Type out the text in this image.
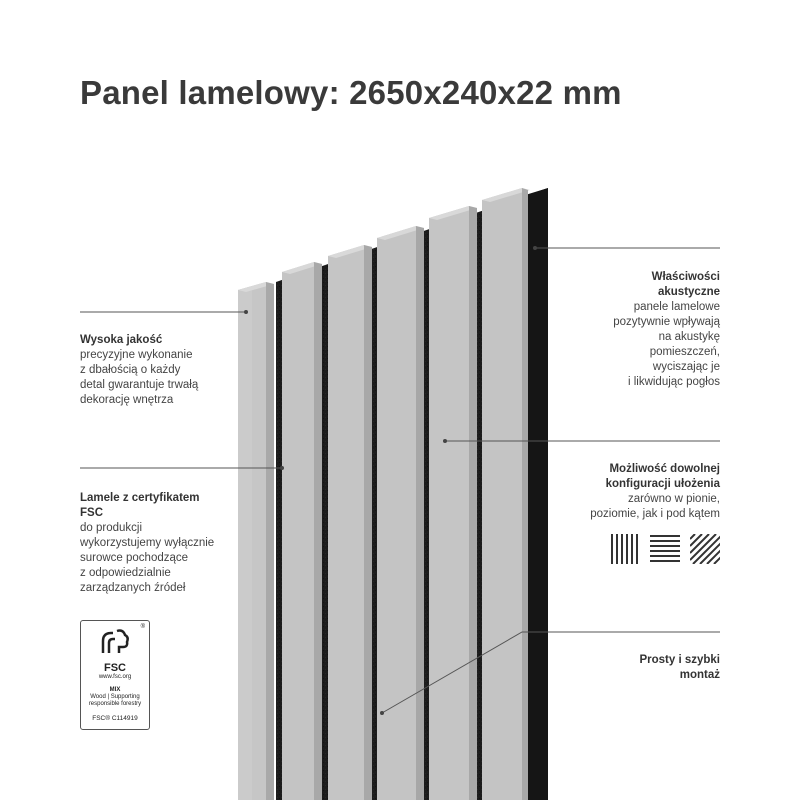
Panel lamelowy: 2650x240x22 mm
Wysoka jakość
precyzyjne wykonanie
z dbałością o każdy
detal gwarantuje trwałą
dekorację wnętrza
Lamele z certyfikatem
FSC
do produkcji
wykorzystujemy wyłącznie
surowce pochodzące
z odpowiedzialnie
zarządzanych źródeł
®
FSC
www.fsc.org
MIX
Wood | Supporting
responsible forestry
FSC® C114919
Właściwości
akustyczne
panele lamelowe
pozytywnie wpływają
na akustykę
pomieszczeń,
wyciszając je
i likwidując pogłos
Możliwość dowolnej
konfiguracji ułożenia
zarówno w pionie,
poziomie, jak i pod kątem
Prosty i szybki
montaż
